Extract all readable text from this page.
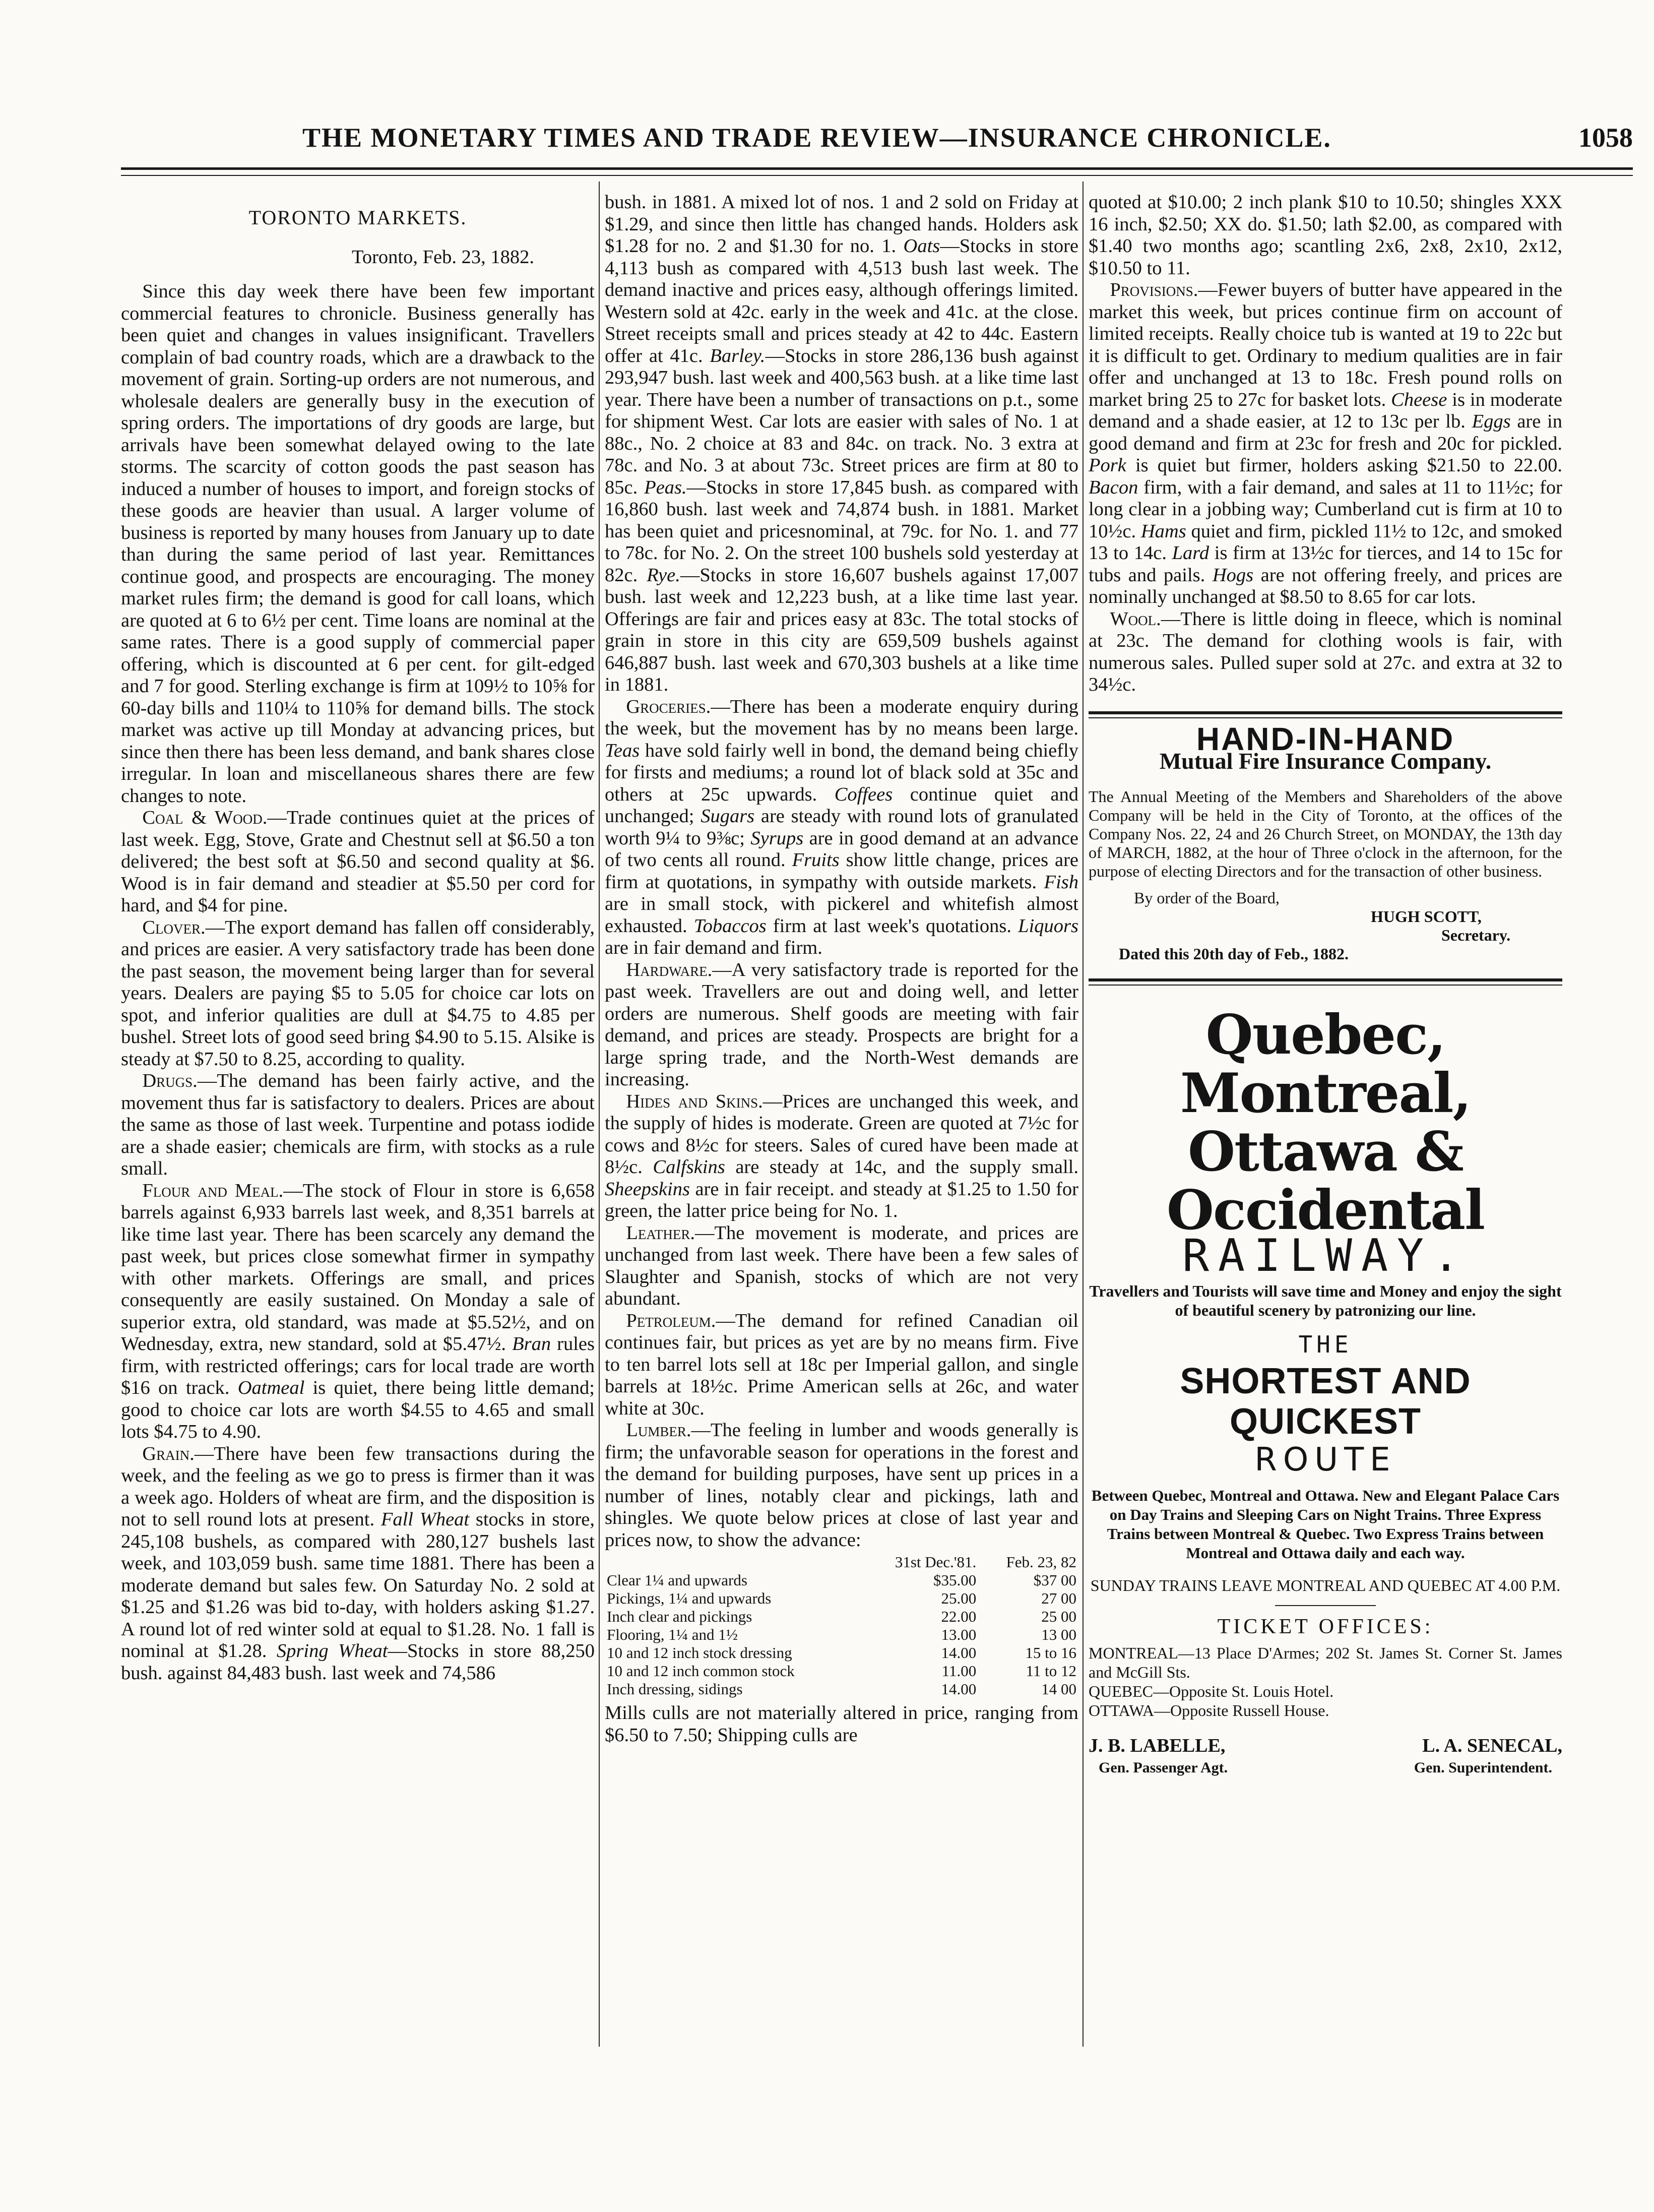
THE MONETARY TIMES AND TRADE REVIEW—INSURANCE CHRONICLE.	1058
TORONTO MARKETS.
Toronto, Feb. 23, 1882.

Since this day week there have been few important commercial features to chronicle. Business generally has been quiet and changes in values insignificant. Travellers complain of bad country roads, which are a drawback to the movement of grain. Sorting-up orders are not numerous, and wholesale dealers are generally busy in the execution of spring orders. The importations of dry goods are large, but arrivals have been somewhat delayed owing to the late storms. The scarcity of cotton goods the past season has induced a number of houses to import, and foreign stocks of these goods are heavier than usual. A larger volume of business is reported by many houses from January up to date than during the same period of last year. Remittances continue good, and prospects are encouraging. The money market rules firm; the demand is good for call loans, which are quoted at 6 to 6½ per cent. Time loans are nominal at the same rates. There is a good supply of commercial paper offering, which is discounted at 6 per cent. for gilt-edged and 7 for good. Sterling exchange is firm at 109½ to 10⅝ for 60-day bills and 110¼ to 110⅝ for demand bills. The stock market was active up till Monday at advancing prices, but since then there has been less demand, and bank shares close irregular. In loan and miscellaneous shares there are few changes to note.

Coal & Wood.—Trade continues quiet at the prices of last week. Egg, Stove, Grate and Chestnut sell at $6.50 a ton delivered; the best soft at $6.50 and second quality at $6. Wood is in fair demand and steadier at $5.50 per cord for hard, and $4 for pine.

Clover.—The export demand has fallen off considerably, and prices are easier. A very satisfactory trade has been done the past season, the movement being larger than for several years. Dealers are paying $5 to 5.05 for choice car lots on spot, and inferior qualities are dull at $4.75 to 4.85 per bushel. Street lots of good seed bring $4.90 to 5.15. Alsike is steady at $7.50 to 8.25, according to quality.

Drugs.—The demand has been fairly active, and the movement thus far is satisfactory to dealers. Prices are about the same as those of last week. Turpentine and potass iodide are a shade easier; chemicals are firm, with stocks as a rule small.

Flour and Meal.—The stock of Flour in store is 6,658 barrels against 6,933 barrels last week, and 8,351 barrels at like time last year. There has been scarcely any demand the past week, but prices close somewhat firmer in sympathy with other markets. Offerings are small, and prices consequently are easily sustained. On Monday a sale of superior extra, old standard, was made at $5.52½, and on Wednesday, extra, new standard, sold at $5.47½. Bran rules firm, with restricted offerings; cars for local trade are worth $16 on track. Oatmeal is quiet, there being little demand; good to choice car lots are worth $4.55 to 4.65 and small lots $4.75 to 4.90.

Grain.—There have been few transactions during the week, and the feeling as we go to press is firmer than it was a week ago. Holders of wheat are firm, and the disposition is not to sell round lots at present. Fall Wheat stocks in store, 245,108 bushels, as compared with 280,127 bushels last week, and 103,059 bush. same time 1881. There has been a moderate demand but sales few. On Saturday No. 2 sold at $1.25 and $1.26 was bid to-day, with holders asking $1.27. A round lot of red winter sold at equal to $1.28. No. 1 fall is nominal at $1.28. Spring Wheat—Stocks in store 88,250 bush. against 84,483 bush. last week and 74,586

bush. in 1881. A mixed lot of nos. 1 and 2 sold on Friday at $1.29, and since then little has changed hands. Holders ask $1.28 for no. 2 and $1.30 for no. 1. Oats—Stocks in store 4,113 bush as compared with 4,513 bush last week. The demand inactive and prices easy, although offerings limited. Western sold at 42c. early in the week and 41c. at the close. Street receipts small and prices steady at 42 to 44c. Eastern offer at 41c. Barley.—Stocks in store 286,136 bush against 293,947 bush. last week and 400,563 bush. at a like time last year. There have been a number of transactions on p.t., some for shipment West. Car lots are easier with sales of No. 1 at 88c., No. 2 choice at 83 and 84c. on track. No. 3 extra at 78c. and No. 3 at about 73c. Street prices are firm at 80 to 85c. Peas.—Stocks in store 17,845 bush. as compared with 16,860 bush. last week and 74,874 bush. in 1881. Market has been quiet and pricesnominal, at 79c. for No. 1. and 77 to 78c. for No. 2. On the street 100 bushels sold yesterday at 82c. Rye.—Stocks in store 16,607 bushels against 17,007 bush. last week and 12,223 bush, at a like time last year. Offerings are fair and prices easy at 83c. The total stocks of grain in store in this city are 659,509 bushels against 646,887 bush. last week and 670,303 bushels at a like time in 1881.

Groceries.—There has been a moderate enquiry during the week, but the movement has by no means been large. Teas have sold fairly well in bond, the demand being chiefly for firsts and mediums; a round lot of black sold at 35c and others at 25c upwards. Coffees continue quiet and unchanged; Sugars are steady with round lots of granulated worth 9¼ to 9⅜c; Syrups are in good demand at an advance of two cents all round. Fruits show little change, prices are firm at quotations, in sympathy with outside markets. Fish are in small stock, with pickerel and whitefish almost exhausted. Tobaccos firm at last week's quotations. Liquors are in fair demand and firm.

Hardware.—A very satisfactory trade is reported for the past week. Travellers are out and doing well, and letter orders are numerous. Shelf goods are meeting with fair demand, and prices are steady. Prospects are bright for a large spring trade, and the North-West demands are increasing.

Hides and Skins.—Prices are unchanged this week, and the supply of hides is moderate. Green are quoted at 7½c for cows and 8½c for steers. Sales of cured have been made at 8½c. Calfskins are steady at 14c, and the supply small. Sheepskins are in fair receipt. and steady at $1.25 to 1.50 for green, the latter price being for No. 1.

Leather.—The movement is moderate, and prices are unchanged from last week. There have been a few sales of Slaughter and Spanish, stocks of which are not very abundant.

Petroleum.—The demand for refined Canadian oil continues fair, but prices as yet are by no means firm. Five to ten barrel lots sell at 18c per Imperial gallon, and single barrels at 18½c. Prime American sells at 26c, and water white at 30c.

Lumber.—The feeling in lumber and woods generally is firm; the unfavorable season for operations in the forest and the demand for building purposes, have sent up prices in a number of lines, notably clear and pickings, lath and shingles. We quote below prices at close of last year and prices now, to show the advance:

	31st Dec.'81.	Feb. 23, 82
Clear 1¼ and upwards	$35.00	$37 00
Pickings, 1¼ and upwards	25.00	27 00
Inch clear and pickings	22.00	25 00
Flooring, 1¼ and 1½	13.00	13 00
10 and 12 inch stock dressing	14.00	15 to 16
10 and 12 inch common stock	11.00	11 to 12
Inch dressing, sidings	14.00	14 00

Mills culls are not materially altered in price, ranging from $6.50 to 7.50; Shipping culls are

quoted at $10.00; 2 inch plank $10 to 10.50; shingles XXX 16 inch, $2.50; XX do. $1.50; lath $2.00, as compared with $1.40 two months ago; scantling 2x6, 2x8, 2x10, 2x12, $10.50 to 11.

Provisions.—Fewer buyers of butter have appeared in the market this week, but prices continue firm on account of limited receipts. Really choice tub is wanted at 19 to 22c but it is difficult to get. Ordinary to medium qualities are in fair offer and unchanged at 13 to 18c. Fresh pound rolls on market bring 25 to 27c for basket lots. Cheese is in moderate demand and a shade easier, at 12 to 13c per lb. Eggs are in good demand and firm at 23c for fresh and 20c for pickled. Pork is quiet but firmer, holders asking $21.50 to 22.00. Bacon firm, with a fair demand, and sales at 11 to 11½c; for long clear in a jobbing way; Cumberland cut is firm at 10 to 10½c. Hams quiet and firm, pickled 11½ to 12c, and smoked 13 to 14c. Lard is firm at 13½c for tierces, and 14 to 15c for tubs and pails. Hogs are not offering freely, and prices are nominally unchanged at $8.50 to 8.65 for car lots.

Wool.—There is little doing in fleece, which is nominal at 23c. The demand for clothing wools is fair, with numerous sales. Pulled super sold at 27c. and extra at 32 to 34½c.

HAND-IN-HAND
Mutual Fire Insurance Company.
The Annual Meeting of the Members and Shareholders of the above Company will be held in the City of Toronto, at the offices of the Company Nos. 22, 24 and 26 Church Street, on MONDAY, the 13th day of MARCH, 1882, at the hour of Three o'clock in the afternoon, for the purpose of electing Directors and for the transaction of other business.
By order of the Board,
HUGH SCOTT,
Secretary.
Dated this 20th day of Feb., 1882.
Quebec, Montreal, Ottawa & Occidental
RAILWAY.
Travellers and Tourists will save time and Money and enjoy the sight of beautiful scenery by patronizing our line.
THE
SHORTEST AND QUICKEST
ROUTE
Between Quebec, Montreal and Ottawa. New and Elegant Palace Cars on Day Trains and Sleeping Cars on Night Trains. Three Express Trains between Montreal & Quebec. Two Express Trains between Montreal and Ottawa daily and each way.
SUNDAY TRAINS LEAVE MONTREAL AND QUEBEC AT 4.00 P.M.
TICKET OFFICES:
MONTREAL—13 Place D'Armes; 202 St. James St. Corner St. James and McGill Sts.
QUEBEC—Opposite St. Louis Hotel.
OTTAWA—Opposite Russell House.
J. B. LABELLE,	L. A. SENECAL,
Gen. Passenger Agt.	Gen. Superintendent.
